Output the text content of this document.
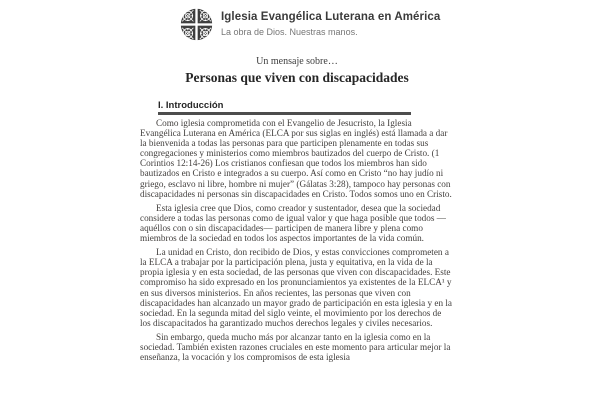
Iglesia Evangélica Luterana en América
La obra de Dios. Nuestras manos.
Un mensaje sobre…
Personas que viven con discapacidades
I. Introducción

Como iglesia comprometida con el Evangelio de Jesucristo, la Iglesia Evangélica Luterana en América (ELCA por sus siglas en inglés) está llamada a dar la bienvenida a todas las personas para que participen plenamente en todas sus congregaciones y ministerios como miembros bautizados del cuerpo de Cristo. (1 Corintios 12:14-26) Los cristianos confiesan que todos los miembros han sido bautizados en Cristo e integrados a su cuerpo. Así como en Cristo “no hay judío ni griego, esclavo ni libre, hombre ni mujer” (Gálatas 3:28), tampoco hay personas con discapacidades ni personas sin discapacidades en Cristo. Todos somos uno en Cristo.

Esta iglesia cree que Dios, como creador y sustentador, desea que la sociedad considere a todas las personas como de igual valor y que haga posible que todos —aquéllos con o sin discapacidades— participen de manera libre y plena como miembros de la sociedad en todos los aspectos importantes de la vida común.

La unidad en Cristo, don recibido de Dios, y estas convicciones comprometen a la ELCA a trabajar por la participación plena, justa y equitativa, en la vida de la propia iglesia y en esta sociedad, de las personas que viven con discapacidades. Este compromiso ha sido expresado en los pronunciamientos ya existentes de la ELCA¹ y en sus diversos ministerios. En años recientes, las personas que viven con discapacidades han alcanzado un mayor grado de participación en esta iglesia y en la sociedad. En la segunda mitad del siglo veinte, el movimiento por los derechos de los discapacitados ha garantizado muchos derechos legales y civiles necesarios.

Sin embargo, queda mucho más por alcanzar tanto en la iglesia como en la sociedad. También existen razones cruciales en este momento para articular mejor la enseñanza, la vocación y los compromisos de esta iglesia
